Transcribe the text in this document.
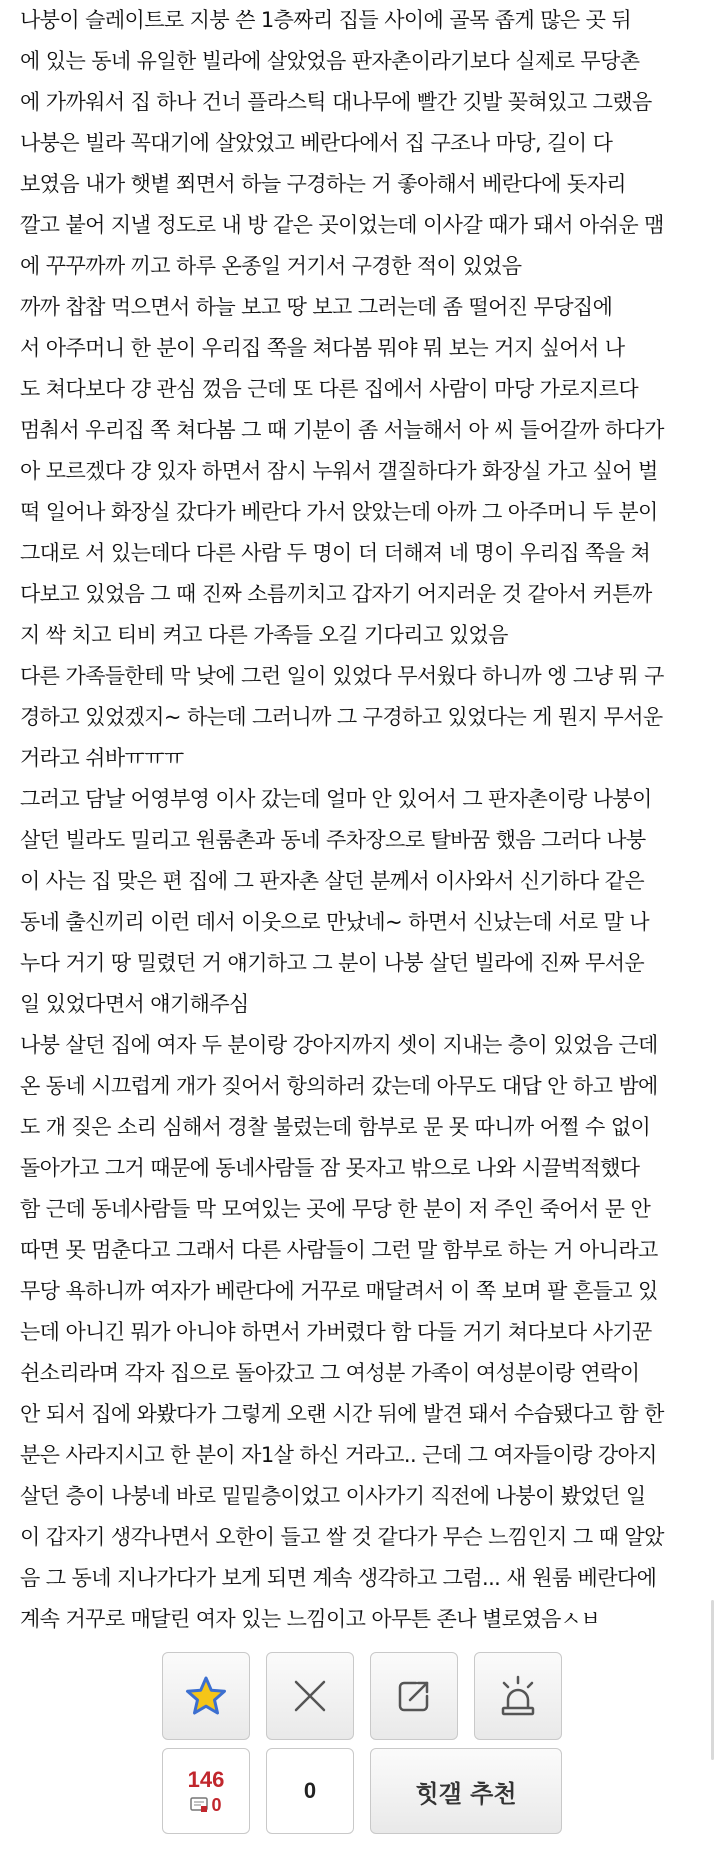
나붕이 슬레이트로 지붕 쓴 1층짜리 집들 사이에 골목 좁게 많은 곳 뒤
에 있는 동네 유일한 빌라에 살았었음 판자촌이라기보다 실제로 무당촌
에 가까워서 집 하나 건너 플라스틱 대나무에 빨간 깃발 꽂혀있고 그랬음
나붕은 빌라 꼭대기에 살았었고 베란다에서 집 구조나 마당, 길이 다
보였음 내가 햇볕 쬐면서 하늘 구경하는 거 좋아해서 베란다에 돗자리
깔고 붙어 지낼 정도로 내 방 같은 곳이었는데 이사갈 때가 돼서 아쉬운 맴
에 꾸꾸까까 끼고 하루 온종일 거기서 구경한 적이 있었음
까까 찹찹 먹으면서 하늘 보고 땅 보고 그러는데 좀 떨어진 무당집에
서 아주머니 한 분이 우리집 쪽을 쳐다봄 뭐야 뭐 보는 거지 싶어서 나
도 쳐다보다 걍 관심 껐음 근데 또 다른 집에서 사람이 마당 가로지르다
멈춰서 우리집 쪽 쳐다봄 그 때 기분이 좀 서늘해서 아 씨 들어갈까 하다가
아 모르겠다 걍 있자 하면서 잠시 누워서 갤질하다가 화장실 가고 싶어 벌
떡 일어나 화장실 갔다가 베란다 가서 앉았는데 아까 그 아주머니 두 분이
그대로 서 있는데다 다른 사람 두 명이 더 더해져 네 명이 우리집 쪽을 쳐
다보고 있었음 그 때 진짜 소름끼치고 갑자기 어지러운 것 같아서 커튼까
지 싹 치고 티비 켜고 다른 가족들 오길 기다리고 있었음
다른 가족들한테 막 낮에 그런 일이 있었다 무서웠다 하니까 엥 그냥 뭐 구
경하고 있었겠지~ 하는데 그러니까 그 구경하고 있었다는 게 뭔지 무서운
거라고 쉬바ㅠㅠㅠ
그러고 담날 어영부영 이사 갔는데 얼마 안 있어서 그 판자촌이랑 나붕이
살던 빌라도 밀리고 원룸촌과 동네 주차장으로 탈바꿈 했음 그러다 나붕
이 사는 집 맞은 편 집에 그 판자촌 살던 분께서 이사와서 신기하다 같은
동네 출신끼리 이런 데서 이웃으로 만났네~ 하면서 신났는데 서로 말 나
누다 거기 땅 밀렸던 거 얘기하고 그 분이 나붕 살던 빌라에 진짜 무서운
일 있었다면서 얘기해주심
나붕 살던 집에 여자 두 분이랑 강아지까지 셋이 지내는 층이 있었음 근데
온 동네 시끄럽게 개가 짖어서 항의하러 갔는데 아무도 대답 안 하고 밤에
도 개 짖은 소리 심해서 경찰 불렀는데 함부로 문 못 따니까 어쩔 수 없이
돌아가고 그거 때문에 동네사람들 잠 못자고 밖으로 나와 시끌벅적했다
함 근데 동네사람들 막 모여있는 곳에 무당 한 분이 저 주인 죽어서 문 안
따면 못 멈춘다고 그래서 다른 사람들이 그런 말 함부로 하는 거 아니라고
무당 욕하니까 여자가 베란다에 거꾸로 매달려서 이 쪽 보며 팔 흔들고 있
는데 아니긴 뭐가 아니야 하면서 가버렸다 함 다들 거기 쳐다보다 사기꾼
쉰소리라며 각자 집으로 돌아갔고 그 여성분 가족이 여성분이랑 연락이
안 되서 집에 와봤다가 그렇게 오랜 시간 뒤에 발견 돼서 수습됐다고 함 한
분은 사라지시고 한 분이 자1살 하신 거라고.. 근데 그 여자들이랑 강아지
살던 층이 나붕네 바로 밑밑층이었고 이사가기 직전에 나붕이 봤었던 일
이 갑자기 생각나면서 오한이 들고 쌀 것 같다가 무슨 느낌인지 그 때 알았
음 그 동네 지나가다가 보게 되면 계속 생각하고 그럼... 새 원룸 베란다에
계속 거꾸로 매달린 여자 있는 느낌이고 아무튼 존나 별로였음ㅅㅂ
146
0
0	힛갤 추천
